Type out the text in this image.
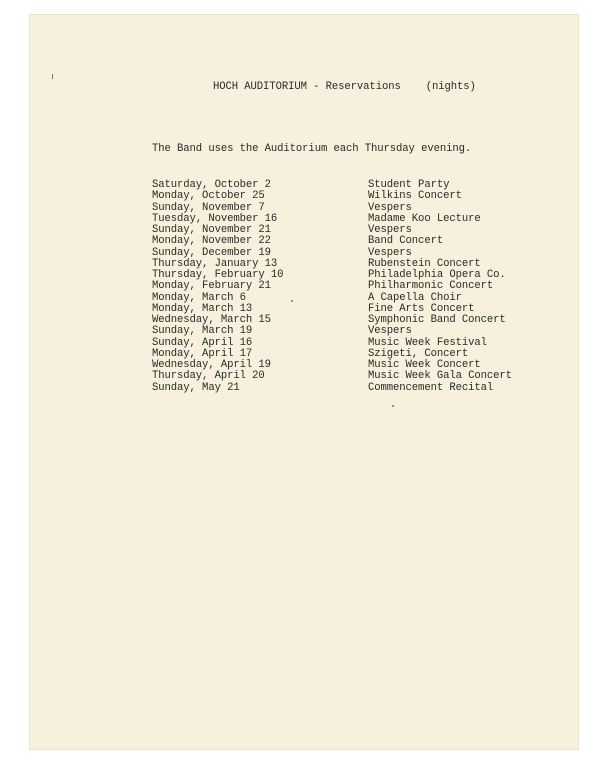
HOCH AUDITORIUM - Reservations    (nights)
The Band uses the Auditorium each Thursday evening.
Saturday, October 2	Student Party
Monday, October 25	Wilkins Concert
Sunday, November 7	Vespers
Tuesday, November 16	Madame Koo Lecture
Sunday, November 21	Vespers
Monday, November 22	Band Concert
Sunday, December 19	Vespers
Thursday, January 13	Rubenstein Concert
Thursday, February 10	Philadelphia Opera Co.
Monday, February 21	Philharmonic Concert
Monday, March 6	A Capella Choir
Monday, March 13	Fine Arts Concert
Wednesday, March 15	Symphonic Band Concert
Sunday, March 19	Vespers
Sunday, April 16	Music Week Festival
Monday, April 17	Szigeti, Concert
Wednesday, April 19	Music Week Concert
Thursday, April 20	Music Week Gala Concert
Sunday, May 21	Commencement Recital
